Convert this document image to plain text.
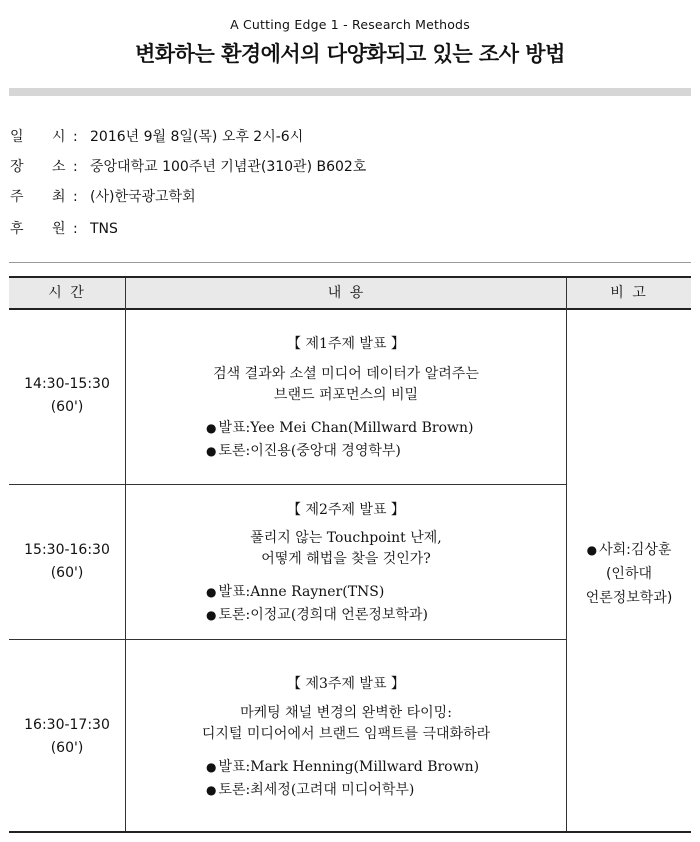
A Cutting Edge 1 - Research Methods
변화하는 환경에서의 다양화되고 있는 조사 방법
일 시 : 2016년 9월 8일(목) 오후 2시-6시
장 소 : 중앙대학교 100주년 기념관(310관) B602호
주 최 : (사)한국광고학회
후 원 : TNS
시 간	내 용	비 고
14:30-15:30
(60')
【 제1주제 발표 】
검색 결과와 소셜 미디어 데이터가 알려주는
브랜드 퍼포먼스의 비밀
● 발표:Yee Mei Chan(Millward Brown)
● 토론:이진용(중앙대 경영학부)
15:30-16:30
(60')
【 제2주제 발표 】
풀리지 않는 Touchpoint 난제,
어떻게 해법을 찾을 것인가?
● 발표:Anne Rayner(TNS)
● 토론:이정교(경희대 언론정보학과)
16:30-17:30
(60')
【 제3주제 발표 】
마케팅 채널 변경의 완벽한 타이밍:
디지털 미디어에서 브랜드 임팩트를 극대화하라
● 발표:Mark Henning(Millward Brown)
● 토론:최세정(고려대 미디어학부)
● 사회:김상훈
(인하대
언론정보학과)
